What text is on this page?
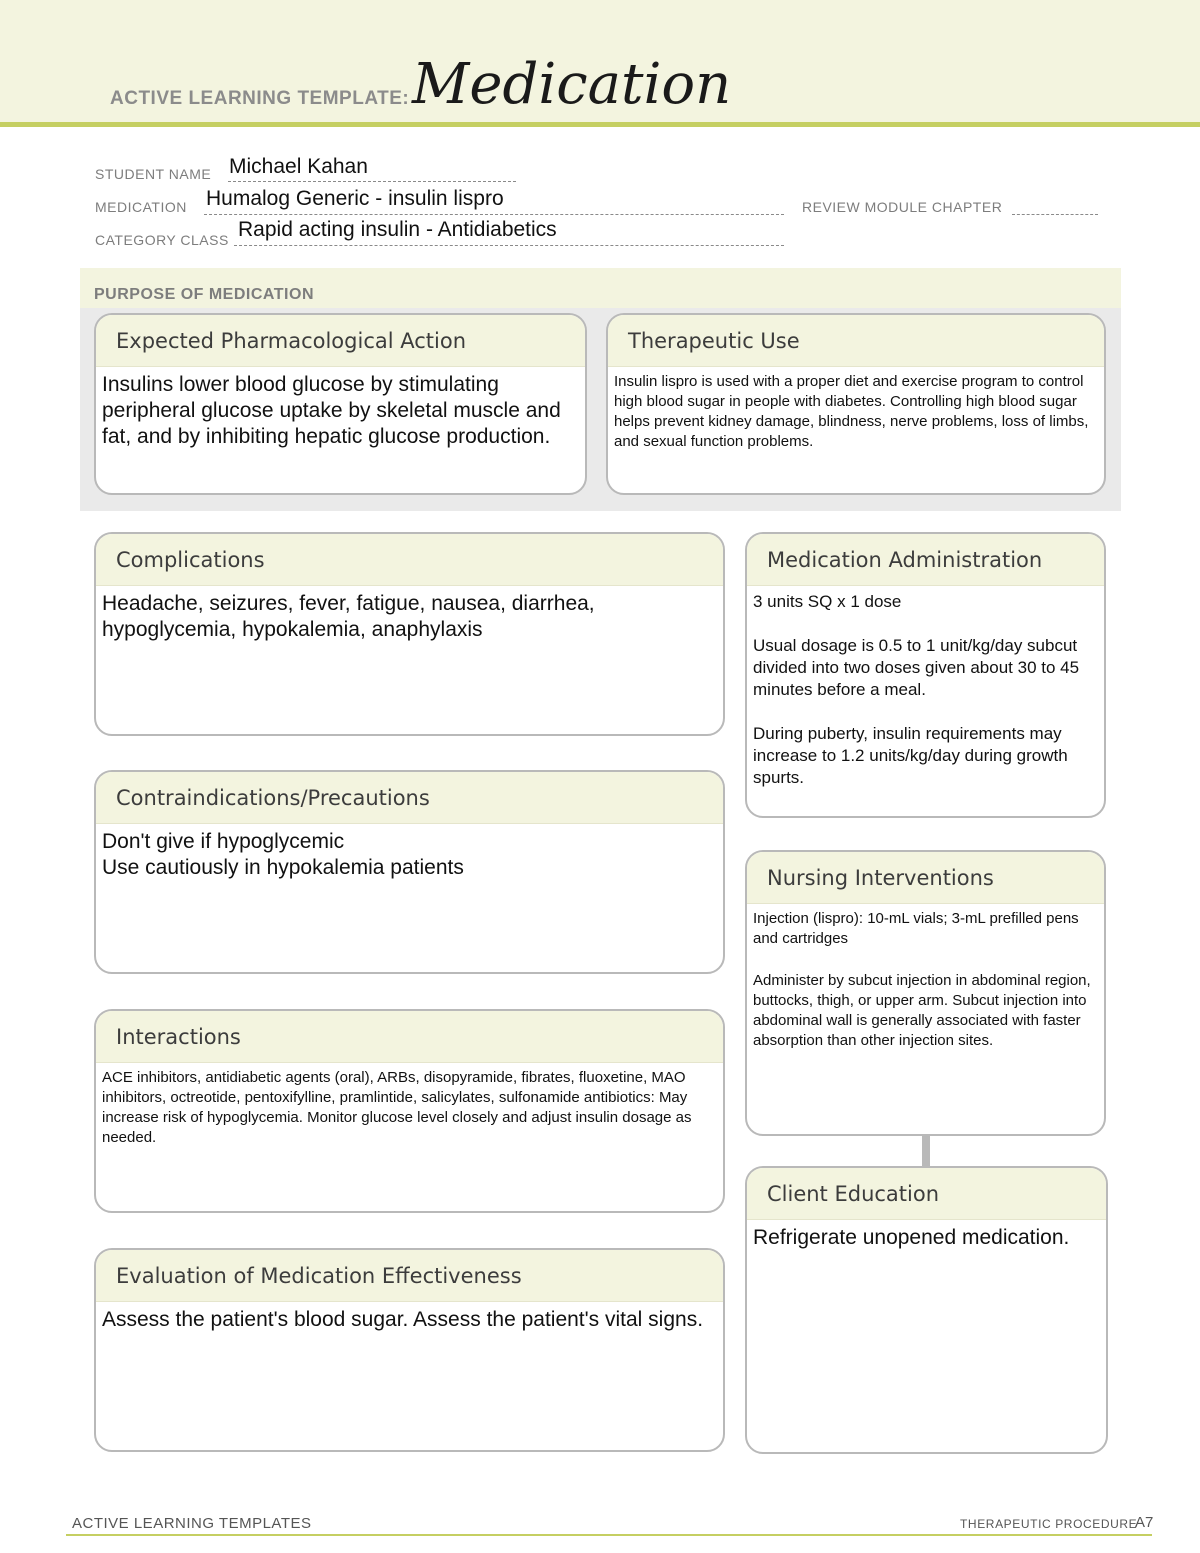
ACTIVE LEARNING TEMPLATE: Medication
STUDENT NAME Michael Kahan
MEDICATION Humalog Generic - insulin lispro	REVIEW MODULE CHAPTER
CATEGORY CLASS Rapid acting insulin - Antidiabetics
PURPOSE OF MEDICATION
Expected Pharmacological Action
Insulins lower blood glucose by stimulating peripheral glucose uptake by skeletal muscle and fat, and by inhibiting hepatic glucose production.
Therapeutic Use
Insulin lispro is used with a proper diet and exercise program to control high blood sugar in people with diabetes. Controlling high blood sugar helps prevent kidney damage, blindness, nerve problems, loss of limbs, and sexual function problems.
Complications
Headache, seizures, fever, fatigue, nausea, diarrhea, hypoglycemia, hypokalemia, anaphylaxis
Medication Administration

3 units SQ x 1 dose

Usual dosage is 0.5 to 1 unit/kg/day subcut divided into two doses given about 30 to 45 minutes before a meal.

During puberty, insulin requirements may increase to 1.2 units/kg/day during growth spurts.

Contraindications/Precautions
Don't give if hypoglycemic
Use cautiously in hypokalemia patients	Nursing Interventions

Injection (lispro): 10-mL vials; 3-mL prefilled pens and cartridges

Administer by subcut injection in abdominal region, buttocks, thigh, or upper arm. Subcut injection into abdominal wall is generally associated with faster absorption than other injection sites.

Interactions
ACE inhibitors, antidiabetic agents (oral), ARBs, disopyramide, fibrates, fluoxetine, MAO inhibitors, octreotide, pentoxifylline, pramlintide, salicylates, sulfonamide antibiotics: May increase risk of hypoglycemia. Monitor glucose level closely and adjust insulin dosage as needed.
Client Education
Refrigerate unopened medication.
Evaluation of Medication Effectiveness
Assess the patient's blood sugar. Assess the patient's vital signs.
ACTIVE LEARNING TEMPLATES	THERAPEUTIC PROCEDURE
A7
